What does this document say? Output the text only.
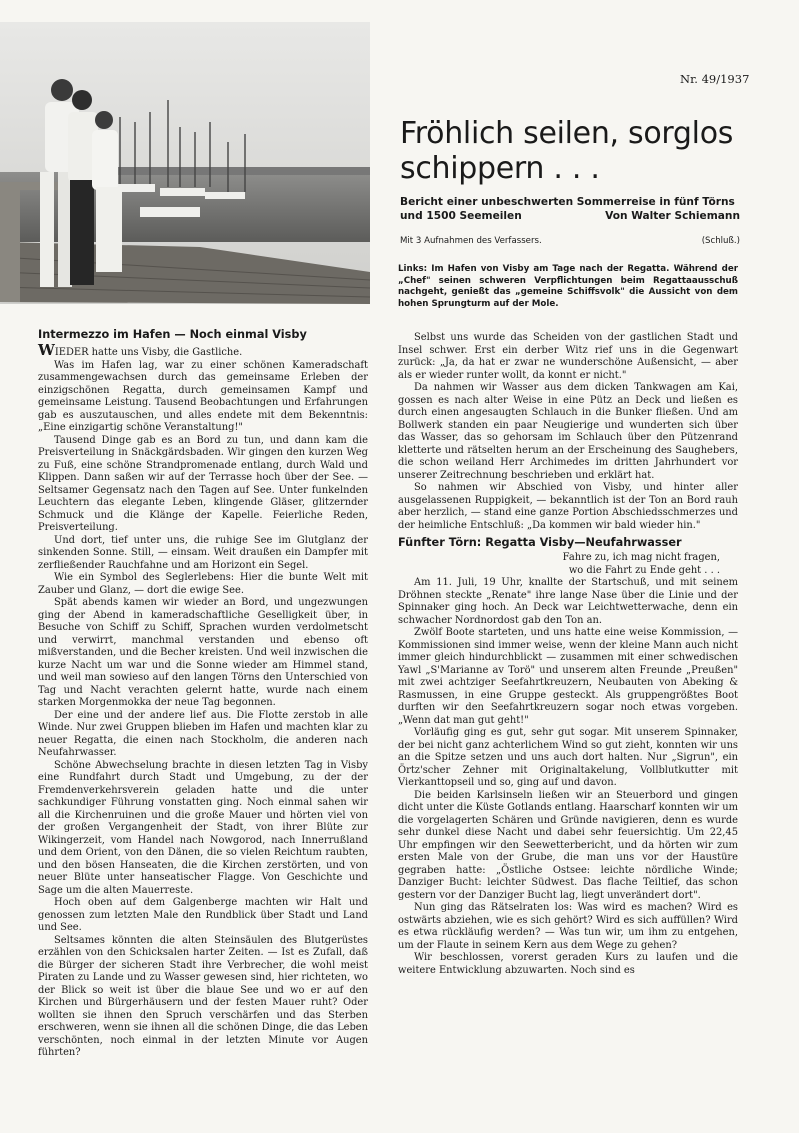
Nr. 49/1937
Fröhlich seilen, sorglos schippern . . .
Bericht einer unbeschwerten Sommerreise in fünf Törns und 1500 Seemeilen	Von Walter Schiemann
Mit 3 Aufnahmen des Verfassers.	(Schluß.)
Links: Im Hafen von Visby am Tage nach der Regatta. Während der „Chef" seinen schweren Verpflichtungen beim Regattaausschuß nachgeht, genießt das „gemeine Schiffsvolk" die Aussicht von dem hohen Sprungturm auf der Mole.
Intermezzo im Hafen — Noch einmal Visby

WIEDER hatte uns Visby, die Gastliche.

Was im Hafen lag, war zu einer schönen Kameradschaft zusammengewachsen durch das gemeinsame Erleben der einzigschönen Regatta, durch gemeinsamen Kampf und gemeinsame Leistung. Tausend Beobachtungen und Erfahrungen gab es auszutauschen, und alles endete mit dem Bekenntnis: „Eine einzigartig schöne Veranstaltung!"

Tausend Dinge gab es an Bord zu tun, und dann kam die Preisverteilung in Snäckgärdsbaden. Wir gingen den kurzen Weg zu Fuß, eine schöne Strandpromenade entlang, durch Wald und Klippen. Dann saßen wir auf der Terrasse hoch über der See. — Seltsamer Gegensatz nach den Tagen auf See. Unter funkelnden Leuchtern das elegante Leben, klingende Gläser, glitzernder Schmuck und die Klänge der Kapelle. Feierliche Reden, Preisverteilung.

Und dort, tief unter uns, die ruhige See im Glutglanz der sinkenden Sonne. Still, — einsam. Weit draußen ein Dampfer mit zerfließender Rauchfahne und am Horizont ein Segel.

Wie ein Symbol des Seglerlebens: Hier die bunte Welt mit Zauber und Glanz, — dort die ewige See.

Spät abends kamen wir wieder an Bord, und ungezwungen ging der Abend in kameradschaftliche Geselligkeit über, in Besuche von Schiff zu Schiff, Sprachen wurden verdolmetscht und verwirrt, manchmal verstanden und ebenso oft mißverstanden, und die Becher kreisten. Und weil inzwischen die kurze Nacht um war und die Sonne wieder am Himmel stand, und weil man sowieso auf den langen Törns den Unterschied von Tag und Nacht verachten gelernt hatte, wurde nach einem starken Morgenmokka der neue Tag begonnen.

Der eine und der andere lief aus. Die Flotte zerstob in alle Winde. Nur zwei Gruppen blieben im Hafen und machten klar zu neuer Regatta, die einen nach Stockholm, die anderen nach Neufahrwasser.

Schöne Abwechselung brachte in diesen letzten Tag in Visby eine Rundfahrt durch Stadt und Umgebung, zu der der Fremdenverkehrsverein geladen hatte und die unter sachkundiger Führung vonstatten ging. Noch einmal sahen wir all die Kirchenruinen und die große Mauer und hörten viel von der großen Vergangenheit der Stadt, von ihrer Blüte zur Wikingerzeit, vom Handel nach Nowgorod, nach Innerrußland und dem Orient, von den Dänen, die so vielen Reichtum raubten, und den bösen Hanseaten, die die Kirchen zerstörten, und von neuer Blüte unter hanseatischer Flagge. Von Geschichte und Sage um die alten Mauerreste.

Hoch oben auf dem Galgenberge machten wir Halt und genossen zum letzten Male den Rundblick über Stadt und Land und See.

Seltsames könnten die alten Steinsäulen des Blutgerüstes erzählen von den Schicksalen harter Zeiten. — Ist es Zufall, daß die Bürger der sicheren Stadt ihre Verbrecher, die wohl meist Piraten zu Lande und zu Wasser gewesen sind, hier richteten, wo der Blick so weit ist über die blaue See und wo er auf den Kirchen und Bürgerhäusern und der festen Mauer ruht? Oder wollten sie ihnen den Spruch verschärfen und das Sterben erschweren, wenn sie ihnen all die schönen Dinge, die das Leben verschönten, noch einmal in der letzten Minute vor Augen führten?

Selbst uns wurde das Scheiden von der gastlichen Stadt und Insel schwer. Erst ein derber Witz rief uns in die Gegenwart zurück: „Ja, da hat er zwar ne wunderschöne Außensicht, — aber als er wieder runter wollt, da konnt er nicht."

Da nahmen wir Wasser aus dem dicken Tankwagen am Kai, gossen es nach alter Weise in eine Pütz an Deck und ließen es durch einen angesaugten Schlauch in die Bunker fließen. Und am Bollwerk standen ein paar Neugierige und wunderten sich über das Wasser, das so gehorsam im Schlauch über den Pützenrand kletterte und rätselten herum an der Erscheinung des Saughebers, die schon weiland Herr Archimedes im dritten Jahrhundert vor unserer Zeitrechnung beschrieben und erklärt hat.

So nahmen wir Abschied von Visby, und hinter aller ausgelassenen Ruppigkeit, — bekanntlich ist der Ton an Bord rauh aber herzlich, — stand eine ganze Portion Abschiedsschmerzes und der heimliche Entschluß: „Da kommen wir bald wieder hin."

Fünfter Törn: Regatta Visby—Neufahrwasser

Fahre zu, ich mag nicht fragen,

wo die Fahrt zu Ende geht . . .

Am 11. Juli, 19 Uhr, knallte der Startschuß, und mit seinem Dröhnen steckte „Renate" ihre lange Nase über die Linie und der Spinnaker ging hoch. An Deck war Leichtwetterwache, denn ein schwacher Nordnordost gab den Ton an.

Zwölf Boote starteten, und uns hatte eine weise Kommission, — Kommissionen sind immer weise, wenn der kleine Mann auch nicht immer gleich hindurchblickt — zusammen mit einer schwedischen Yawl „S'Marianne av Torö" und unserem alten Freunde „Preußen" mit zwei achtziger Seefahrtkreuzern, Neubauten von Abeking & Rasmussen, in eine Gruppe gesteckt. Als gruppengrößtes Boot durften wir den Seefahrtkreuzern sogar noch etwas vorgeben. „Wenn dat man gut geht!"

Vorläufig ging es gut, sehr gut sogar. Mit unserem Spinnaker, der bei nicht ganz achterlichem Wind so gut zieht, konnten wir uns an die Spitze setzen und uns auch dort halten. Nur „Sigrun", ein Örtz'scher Zehner mit Originaltakelung, Vollblutkutter mit Vierkanttopseil und so, ging auf und davon.

Die beiden Karlsinseln ließen wir an Steuerbord und gingen dicht unter die Küste Gotlands entlang. Haarscharf konnten wir um die vorgelagerten Schären und Gründe navigieren, denn es wurde sehr dunkel diese Nacht und dabei sehr feuersichtig. Um 22,45 Uhr empfingen wir den Seewetterbericht, und da hörten wir zum ersten Male von der Grube, die man uns vor der Haustüre gegraben hatte: „Östliche Ostsee: leichte nördliche Winde; Danziger Bucht: leichter Südwest. Das flache Teiltief, das schon gestern vor der Danziger Bucht lag, liegt unverändert dort".

Nun ging das Rätselraten los: Was wird es machen? Wird es ostwärts abziehen, wie es sich gehört? Wird es sich auffüllen? Wird es etwa rückläufig werden? — Was tun wir, um ihm zu entgehen, um der Flaute in seinem Kern aus dem Wege zu gehen?

Wir beschlossen, vorerst geraden Kurs zu laufen und die weitere Entwicklung abzuwarten. Noch sind es
